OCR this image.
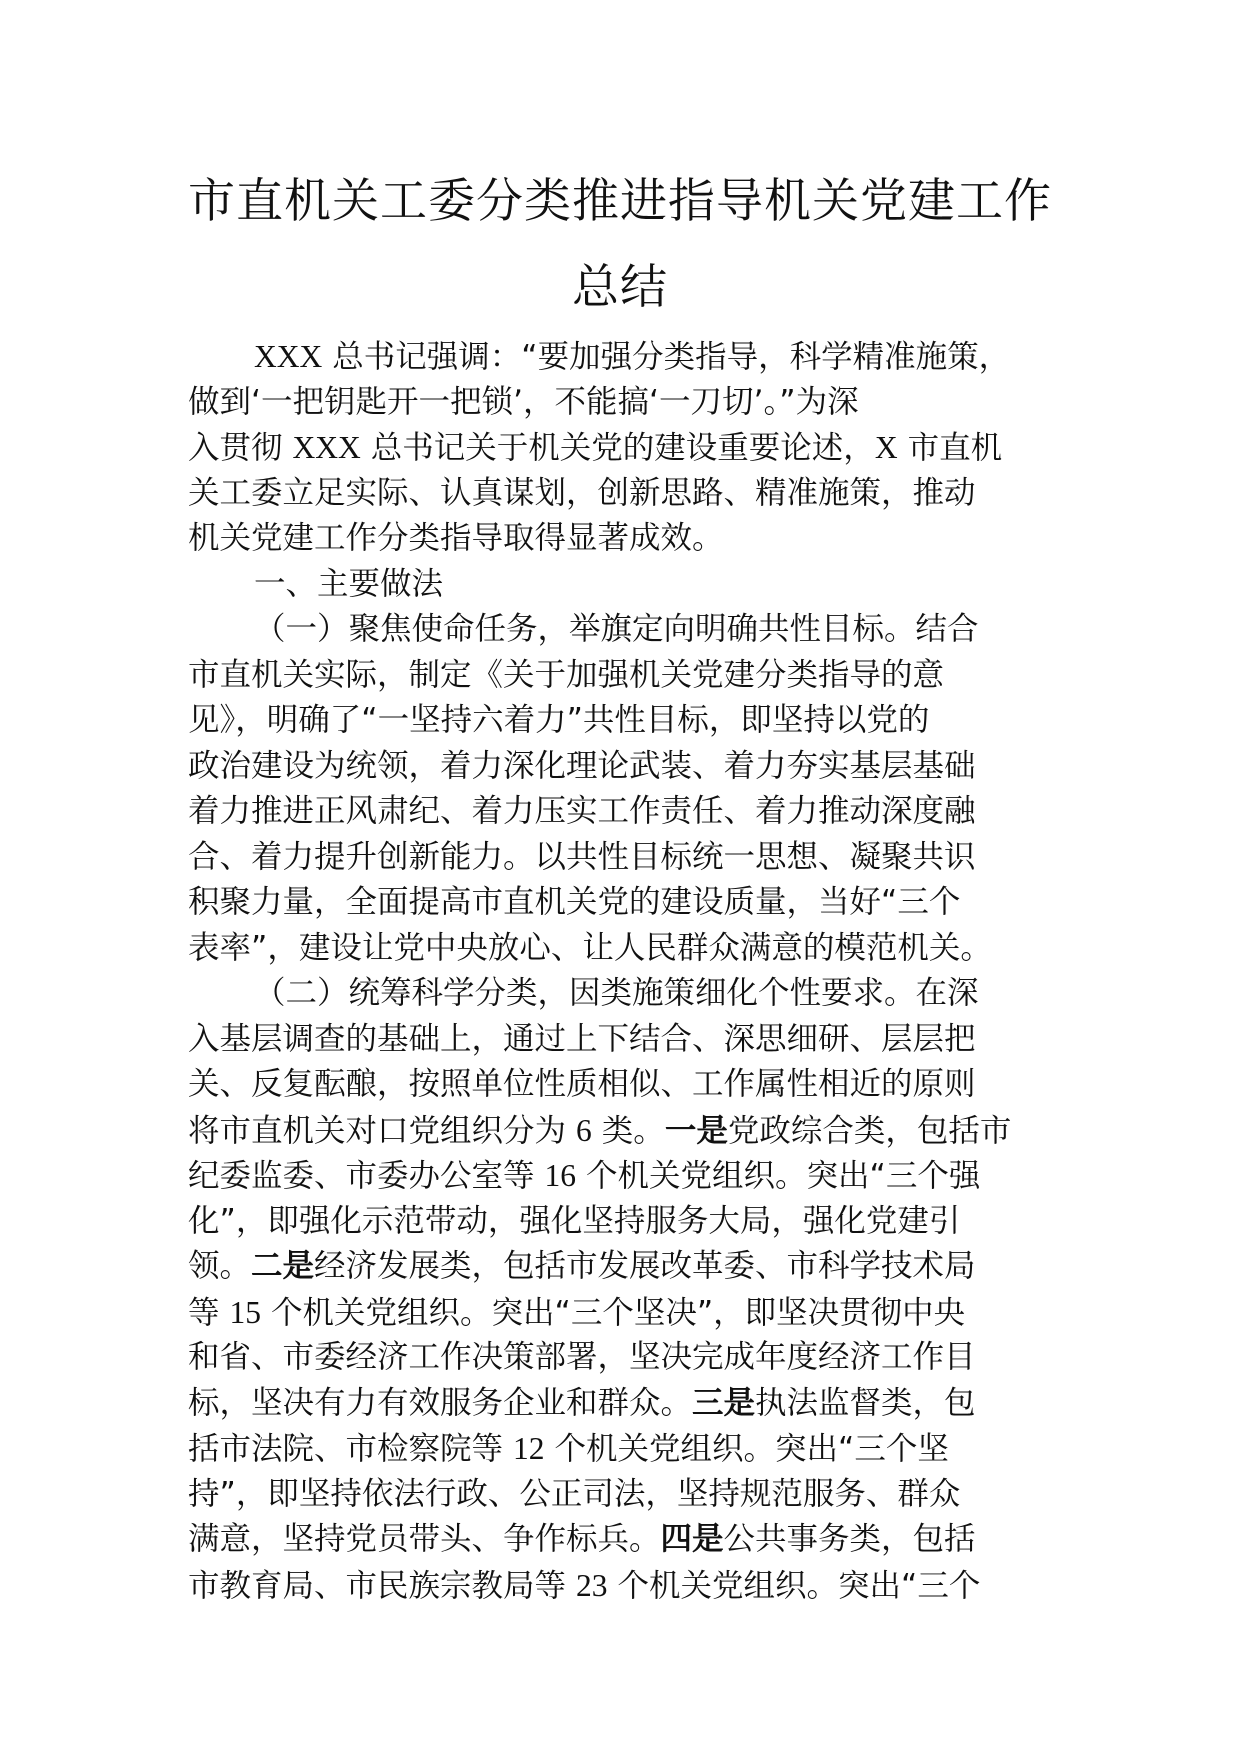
市直机关工委分类推进指导机关党建工作
总结
XXX 总书记强调：“要加强分类指导，科学精准施策，
做到‘一把钥匙开一把锁’，不能搞‘一刀切’。”为深
入贯彻 XXX 总书记关于机关党的建设重要论述，X 市直机
关工委立足实际、认真谋划，创新思路、精准施策，推动
机关党建工作分类指导取得显著成效。
一、主要做法
（一）聚焦使命任务，举旗定向明确共性目标。结合
市直机关实际，制定《关于加强机关党建分类指导的意
见》，明确了“一坚持六着力”共性目标，即坚持以党的
政治建设为统领，着力深化理论武装、着力夯实基层基础
着力推进正风肃纪、着力压实工作责任、着力推动深度融
合、着力提升创新能力。以共性目标统一思想、凝聚共识
积聚力量，全面提高市直机关党的建设质量，当好“三个
表率”，建设让党中央放心、让人民群众满意的模范机关。
（二）统筹科学分类，因类施策细化个性要求。在深
入基层调查的基础上，通过上下结合、深思细研、层层把
关、反复酝酿，按照单位性质相似、工作属性相近的原则
将市直机关对口党组织分为 6 类。一是党政综合类，包括市
纪委监委、市委办公室等 16 个机关党组织。突出“三个强
化”，即强化示范带动，强化坚持服务大局，强化党建引
领。二是经济发展类，包括市发展改革委、市科学技术局
等 15 个机关党组织。突出“三个坚决”，即坚决贯彻中央
和省、市委经济工作决策部署，坚决完成年度经济工作目
标，坚决有力有效服务企业和群众。三是执法监督类，包
括市法院、市检察院等 12 个机关党组织。突出“三个坚
持”，即坚持依法行政、公正司法，坚持规范服务、群众
满意，坚持党员带头、争作标兵。四是公共事务类，包括
市教育局、市民族宗教局等 23 个机关党组织。突出“三个
